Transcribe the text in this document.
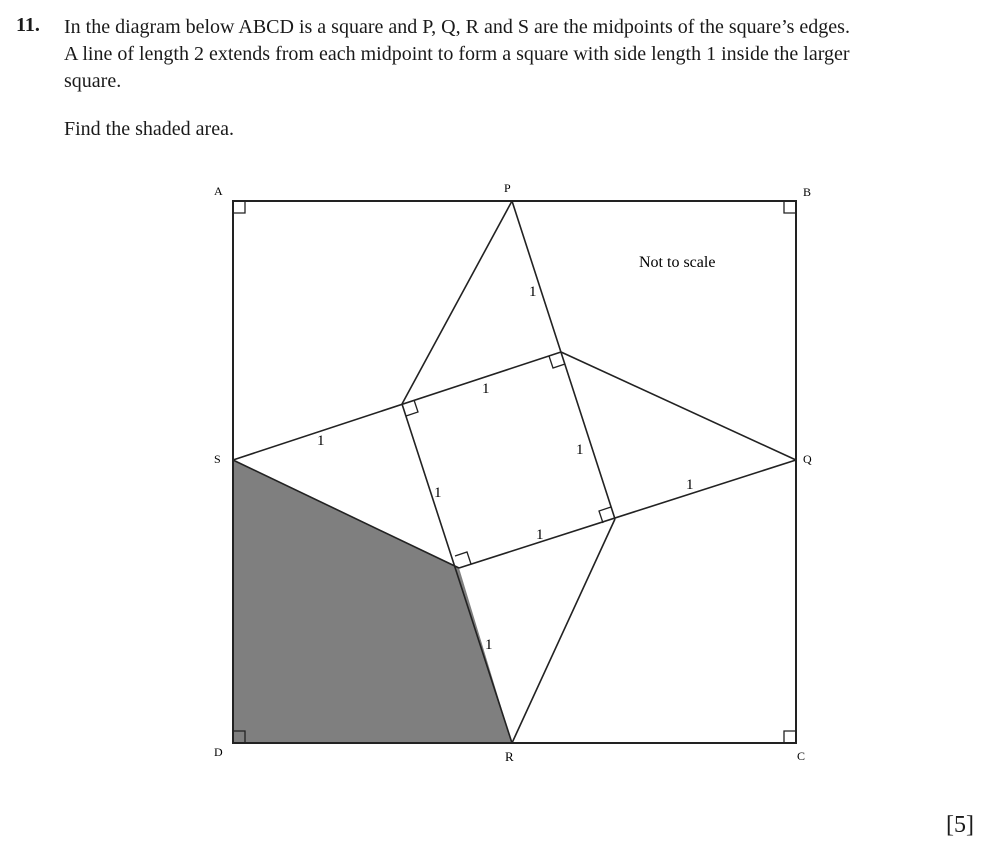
11. In the diagram below ABCD is a square and P, Q, R and S are the midpoints of the square’s edges.

A line of length 2 extends from each midpoint to form a square with side length 1 inside the larger

square.

Find the shaded area.
A	B
C
D
P
Q
R
S
Not to scale
1
1
1
1
1	1
1
1
[5]
